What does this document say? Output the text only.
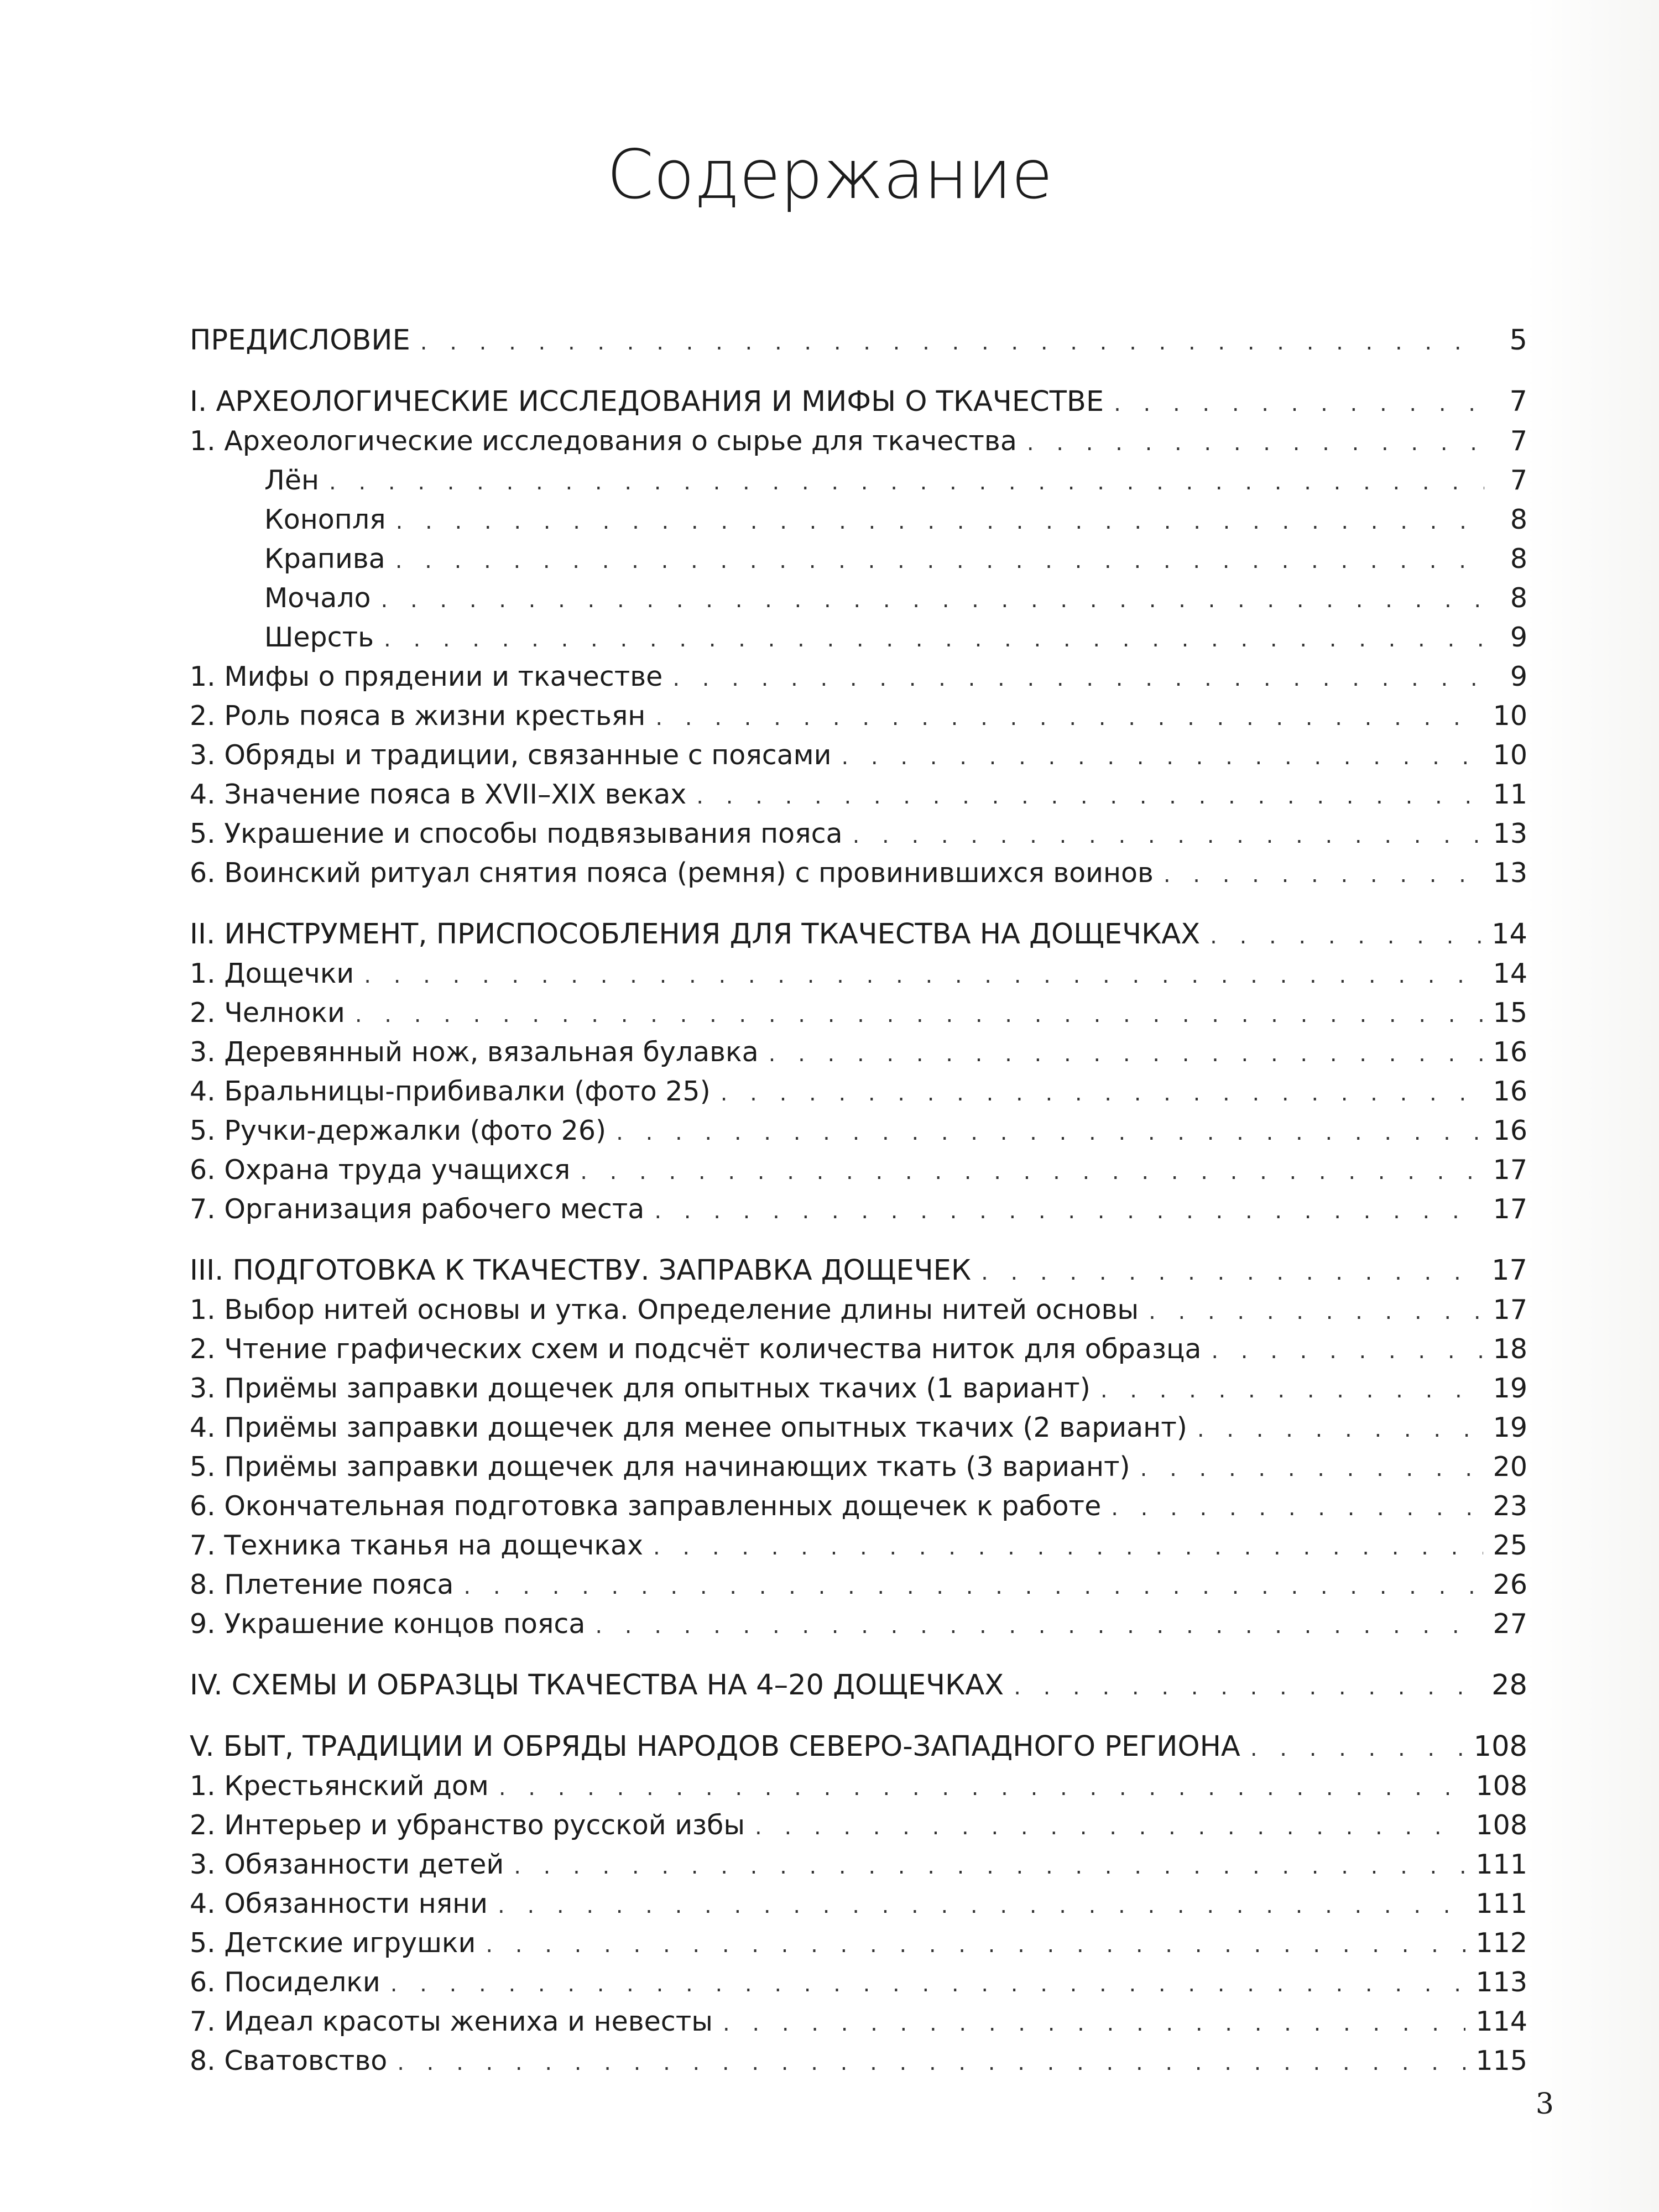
Содержание
ПРЕДИСЛОВИЕ . . .	5
I. АРХЕОЛОГИЧЕСКИЕ ИССЛЕДОВАНИЯ И МИФЫ О ТКАЧЕСТВЕ . . .	7
1. Археологические исследования о сырье для ткачества . . .	7
Лён . . .	7
Конопля . . .	8
Крапива . . .	8
Мочало . . .	8
Шерсть . . .	9
1. Мифы о прядении и ткачестве . . .	9
2. Роль пояса в жизни крестьян . . .	10
3. Обряды и традиции, связанные с поясами . . .	10
4. Значение пояса в XVII–XIX веках . . .	11
5. Украшение и способы подвязывания пояса . . .	13
6. Воинский ритуал снятия пояса (ремня) с провинившихся воинов . . .	13
II. ИНСТРУМЕНТ, ПРИСПОСОБЛЕНИЯ ДЛЯ ТКАЧЕСТВА НА ДОЩЕЧКАХ . . .	14
1. Дощечки . . .	14
2. Челноки . . .	15
3. Деревянный нож, вязальная булавка . . .	16
4. Бральницы-прибивалки (фото 25) . . .	16
5. Ручки-держалки (фото 26) . . .	16
6. Охрана труда учащихся . . .	17
7. Организация рабочего места . . .	17
III. ПОДГОТОВКА К ТКАЧЕСТВУ. ЗАПРАВКА ДОЩЕЧЕК . . .	17
1. Выбор нитей основы и утка. Определение длины нитей основы . . .	17
2. Чтение графических схем и подсчёт количества ниток для образца . . .	18
3. Приёмы заправки дощечек для опытных ткачих (1 вариант) . . .	19
4. Приёмы заправки дощечек для менее опытных ткачих (2 вариант) . . .	19
5. Приёмы заправки дощечек для начинающих ткать (3 вариант) . . .	20
6. Окончательная подготовка заправленных дощечек к работе . . .	23
7. Техника тканья на дощечках . . .	25
8. Плетение пояса . . .	26
9. Украшение концов пояса . . .	27
IV. СХЕМЫ И ОБРАЗЦЫ ТКАЧЕСТВА НА 4–20 ДОЩЕЧКАХ . . .	28
V. БЫТ, ТРАДИЦИИ И ОБРЯДЫ НАРОДОВ СЕВЕРО-ЗАПАДНОГО РЕГИОНА . . .	108
1. Крестьянский дом . . .	108
2. Интерьер и убранство русской избы . . .	108
3. Обязанности детей . . .	111
4. Обязанности няни . . .	111
5. Детские игрушки . . .	112
6. Посиделки . . .	113
7. Идеал красоты жениха и невесты . . .	114
8. Сватовство . . .	115
3
